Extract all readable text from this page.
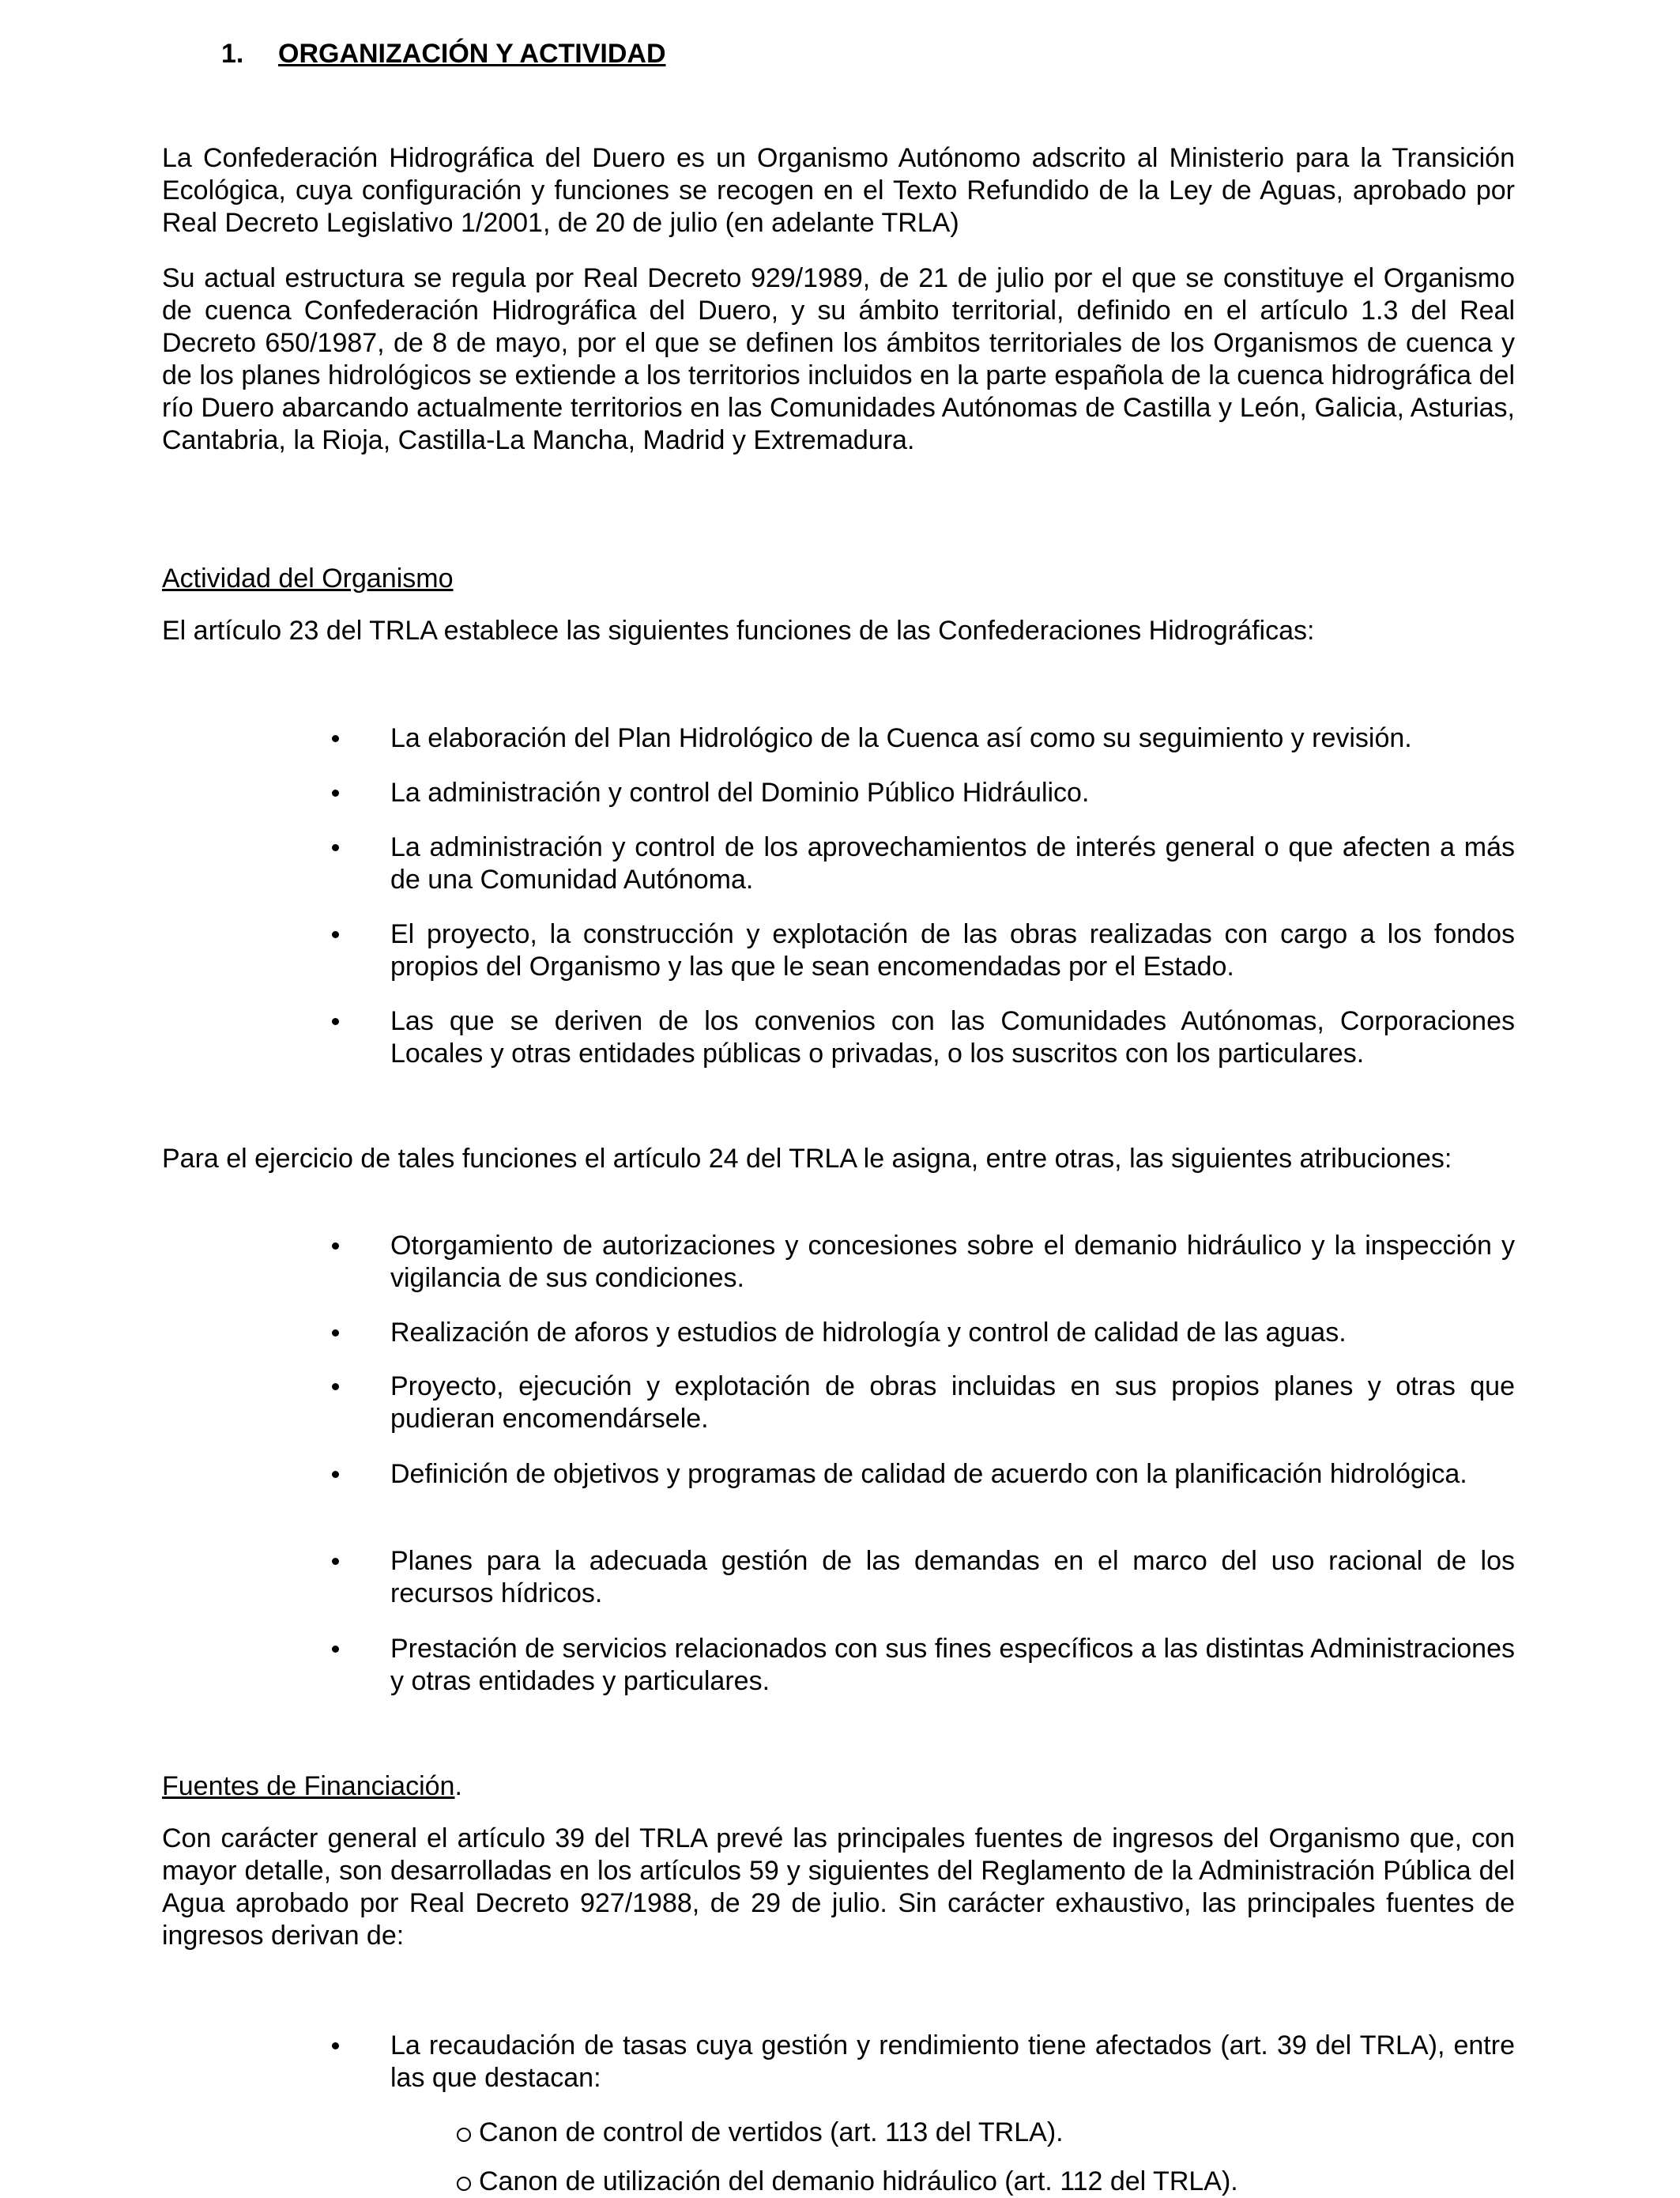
1. ORGANIZACIÓN Y ACTIVIDAD

La Confederación Hidrográfica del Duero es un Organismo Autónomo adscrito al Ministerio para la Transición Ecológica, cuya configuración y funciones se recogen en el Texto Refundido de la Ley de Aguas, aprobado por Real Decreto Legislativo 1/2001, de 20 de julio (en adelante TRLA)

Su actual estructura se regula por Real Decreto 929/1989, de 21 de julio por el que se constituye el Organismo de cuenca Confederación Hidrográfica del Duero, y su ámbito territorial, definido en el artículo 1.3 del Real Decreto 650/1987, de 8 de mayo, por el que se definen los ámbitos territoriales de los Organismos de cuenca y de los planes hidrológicos se extiende a los territorios incluidos en la parte española de la cuenca hidrográfica del río Duero abarcando actualmente territorios en las Comunidades Autónomas de Castilla y León, Galicia, Asturias, Cantabria, la Rioja, Castilla-La Mancha, Madrid y Extremadura.

Actividad del Organismo
El artículo 23 del TRLA establece las siguientes funciones de las Confederaciones Hidrográficas:
La elaboración del Plan Hidrológico de la Cuenca así como su seguimiento y revisión.
La administración y control del Dominio Público Hidráulico.
La administración y control de los aprovechamientos de interés general o que afecten a más de una Comunidad Autónoma.
El proyecto, la construcción y explotación de las obras realizadas con cargo a los fondos propios del Organismo y las que le sean encomendadas por el Estado.
Las que se deriven de los convenios con las Comunidades Autónomas, Corporaciones Locales y otras entidades públicas o privadas, o los suscritos con los particulares.

Para el ejercicio de tales funciones el artículo 24 del TRLA le asigna, entre otras, las siguientes atribuciones:

Otorgamiento de autorizaciones y concesiones sobre el demanio hidráulico y la inspección y vigilancia de sus condiciones.
Realización de aforos y estudios de hidrología y control de calidad de las aguas.
Proyecto, ejecución y explotación de obras incluidas en sus propios planes y otras que pudieran encomendársele.
Definición de objetivos y programas de calidad de acuerdo con la planificación hidrológica.
Planes para la adecuada gestión de las demandas en el marco del uso racional de los recursos hídricos.
Prestación de servicios relacionados con sus fines específicos a las distintas Administraciones y otras entidades y particulares.
Fuentes de Financiación.

Con carácter general el artículo 39 del TRLA prevé las principales fuentes de ingresos del Organismo que, con mayor detalle, son desarrolladas en los artículos 59 y siguientes del Reglamento de la Administración Pública del Agua aprobado por Real Decreto 927/1988, de 29 de julio. Sin carácter exhaustivo, las principales fuentes de ingresos derivan de:

La recaudación de tasas cuya gestión y rendimiento tiene afectados (art. 39 del TRLA), entre las que destacan:
Canon de control de vertidos (art. 113 del TRLA).
Canon de utilización del demanio hidráulico (art. 112 del TRLA).
